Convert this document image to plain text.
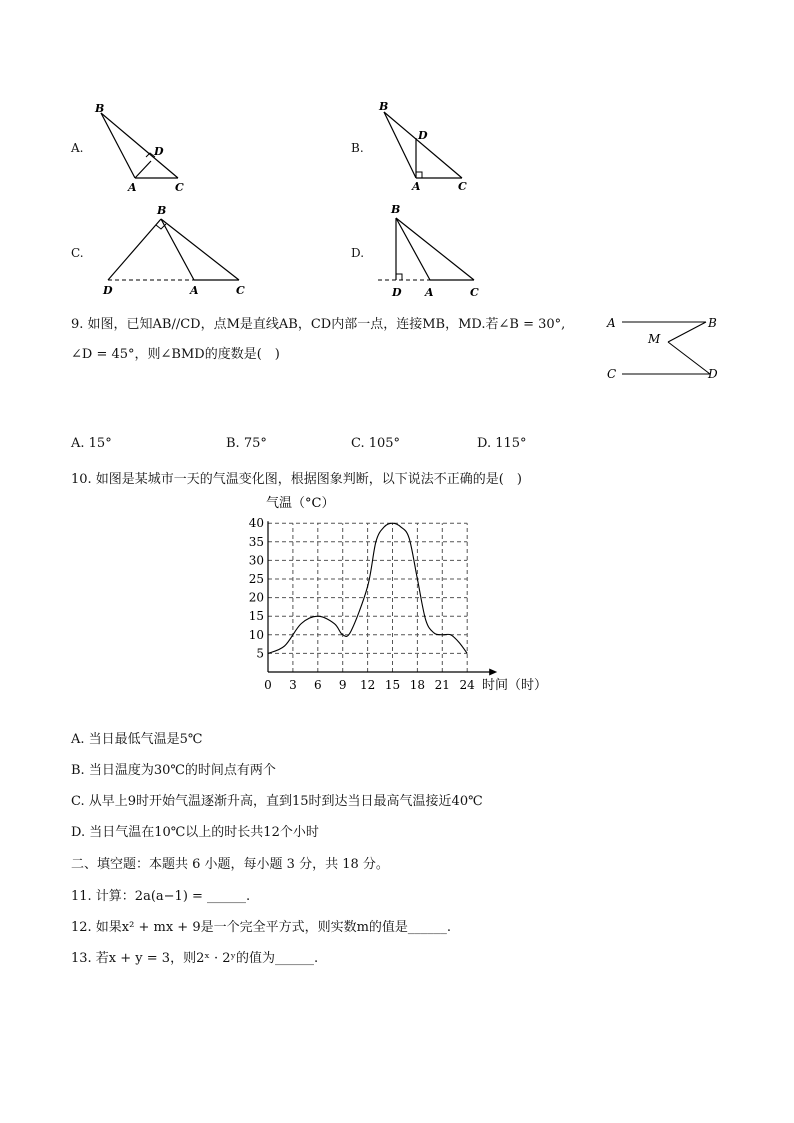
A.
B
D
A	C
B.
B
D
A	C
C.
B
D	A	C
D.
B
D A	C
9. 如图，已知AB//CD，点M是直线AB，CD内部一点，连接MB，MD.若∠B = 30°,
∠D = 45°，则∠BMD的度数是(　)
A	B
M
C	D
A. 15°	B. 75°	C. 105°	D. 115°
10. 如图是某城市一天的气温变化图，根据图象判断，以下说法不正确的是(　)
气温（°C）
时间（时）
5
10
15
20
25
30
35
40
0 3 6 9 12 15 18 21 24
A. 当日最低气温是5℃
B. 当日温度为30℃的时间点有两个
C. 从早上9时开始气温逐渐升高，直到15时到达当日最高气温接近40℃
D. 当日气温在10℃以上的时长共12个小时
二、填空题：本题共 6 小题，每小题 3 分，共 18 分。
11. 计算：2a(a−1) = ______.
12. 如果x² + mx + 9是一个完全平方式，则实数m的值是______.
13. 若x + y = 3，则2ˣ · 2ʸ的值为______.
